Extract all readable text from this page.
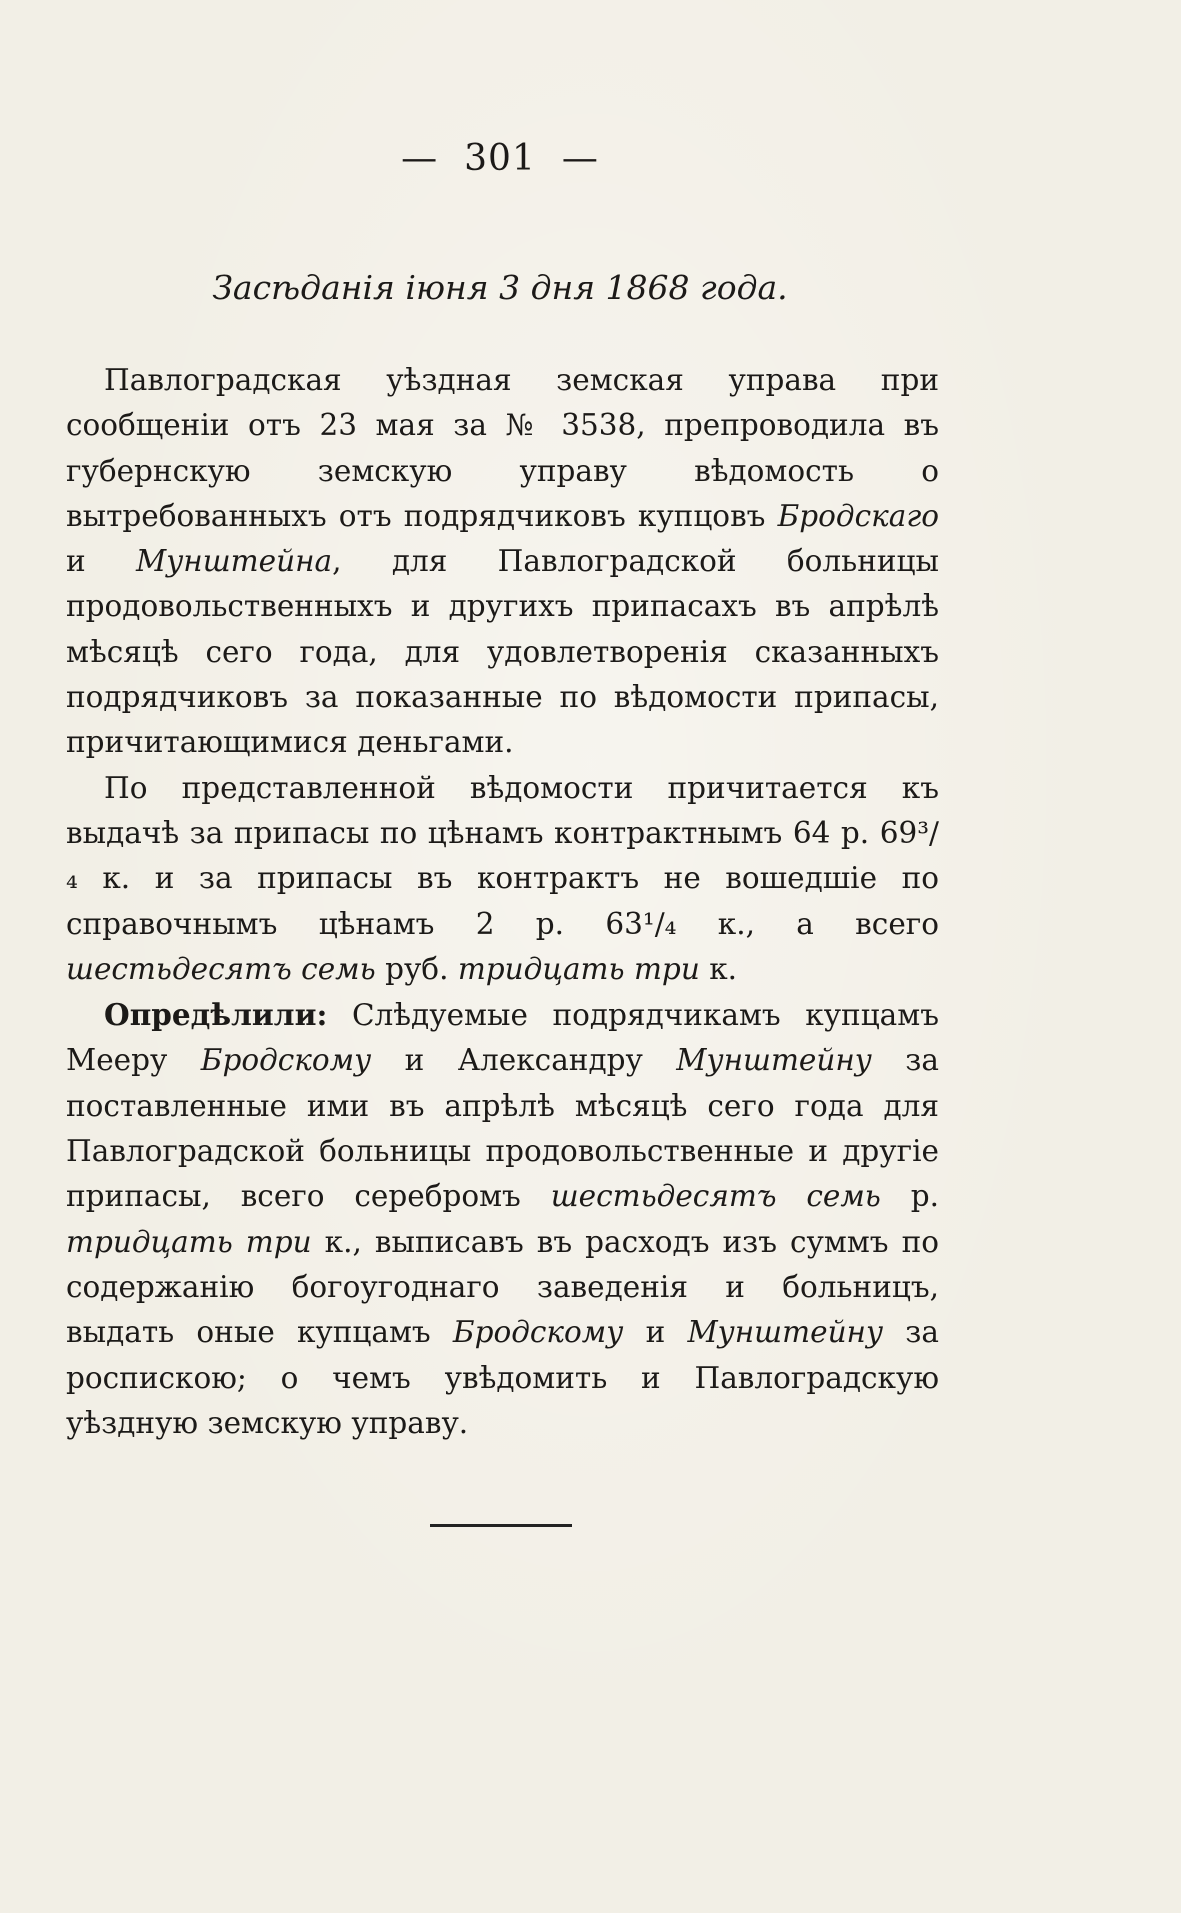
— 301 —
Засѣданія іюня 3 дня 1868 года.

Павлоградская уѣздная земская управа при сообщеніи отъ 23 мая за № 3538, препроводила въ губернскую земскую управу вѣдомость о вытребованныхъ отъ подрядчиковъ купцовъ Бродскаго и Мунштейна, для Павлоградской больницы продовольственныхъ и другихъ припасахъ въ апрѣлѣ мѣсяцѣ сего года, для удовлетворенія сказанныхъ подрядчиковъ за показанные по вѣдомости припасы, причитающимися деньгами.

По представленной вѣдомости причитается къ выдачѣ за припасы по цѣнамъ контрактнымъ 64 р. 69³/₄ к. и за припасы въ контрактъ не вошедшіе по справочнымъ цѣнамъ 2 р. 63¹/₄ к., а всего шестьдесятъ семь руб. тридцать три к.

Опредѣлили: Слѣдуемые подрядчикамъ купцамъ Мееру Бродскому и Александру Мунштейну за поставленные ими въ апрѣлѣ мѣсяцѣ сего года для Павлоградской больницы продовольственные и другіе припасы, всего серебромъ шестьдесятъ семь р. тридцать три к., выписавъ въ расходъ изъ суммъ по содержанію богоугоднаго заведенія и больницъ, выдать оные купцамъ Бродскому и Мунштейну за роспискою; о чемъ увѣдомить и Павлоградскую уѣздную земскую управу.
